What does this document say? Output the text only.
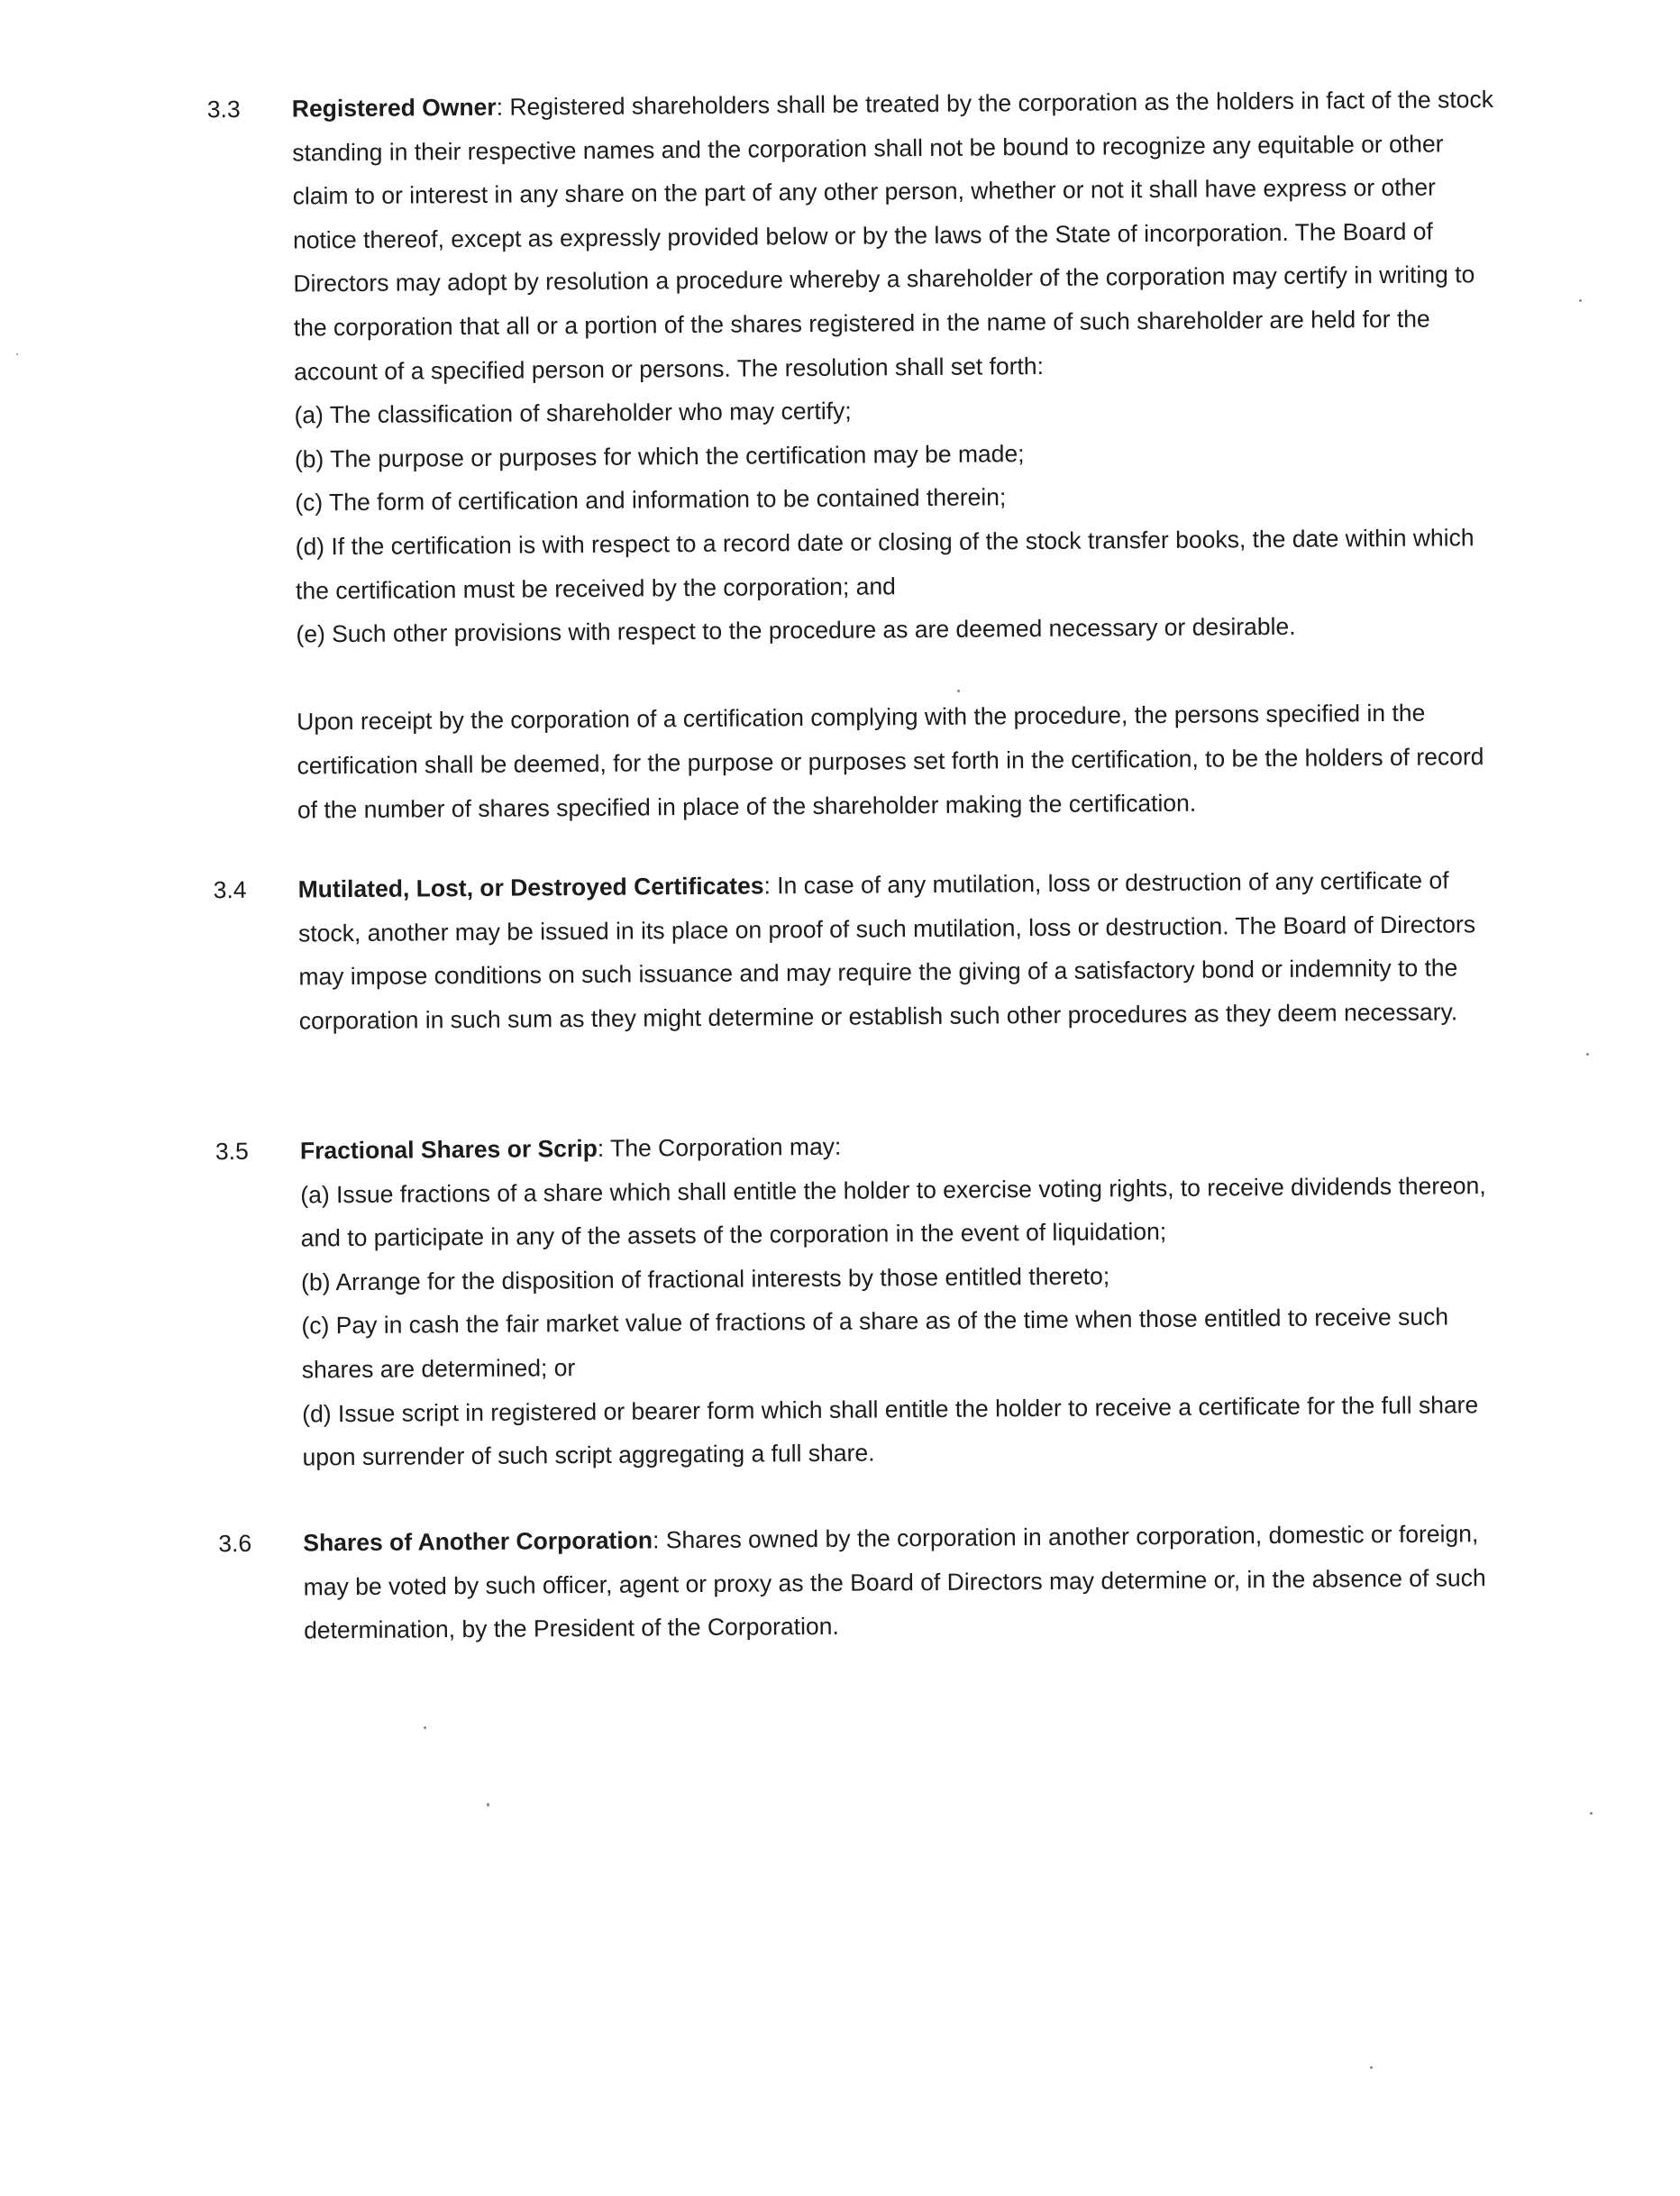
3.3 Registered Owner: Registered shareholders shall be treated by the corporation as the holders in fact of the stock standing in their respective names and the corporation shall not be bound to recognize any equitable or other claim to or interest in any share on the part of any other person, whether or not it shall have express or other notice thereof, except as expressly provided below or by the laws of the State of incorporation. The Board of Directors may adopt by resolution a procedure whereby a shareholder of the corporation may certify in writing to the corporation that all or a portion of the shares registered in the name of such shareholder are held for the account of a specified person or persons. The resolution shall set forth:

(a) The classification of shareholder who may certify;

(b) The purpose or purposes for which the certification may be made;

(c) The form of certification and information to be contained therein;

(d) If the certification is with respect to a record date or closing of the stock transfer books, the date within which the certification must be received by the corporation; and

(e) Such other provisions with respect to the procedure as are deemed necessary or desirable.

Upon receipt by the corporation of a certification complying with the procedure, the persons specified in the certification shall be deemed, for the purpose or purposes set forth in the certification, to be the holders of record of the number of shares specified in place of the shareholder making the certification.

3.4 Mutilated, Lost, or Destroyed Certificates: In case of any mutilation, loss or destruction of any certificate of stock, another may be issued in its place on proof of such mutilation, loss or destruction. The Board of Directors may impose conditions on such issuance and may require the giving of a satisfactory bond or indemnity to the corporation in such sum as they might determine or establish such other procedures as they deem necessary.

3.5 Fractional Shares or Scrip: The Corporation may:

(a) Issue fractions of a share which shall entitle the holder to exercise voting rights, to receive dividends thereon, and to participate in any of the assets of the corporation in the event of liquidation;

(b) Arrange for the disposition of fractional interests by those entitled thereto;

(c) Pay in cash the fair market value of fractions of a share as of the time when those entitled to receive such shares are determined; or

(d) Issue script in registered or bearer form which shall entitle the holder to receive a certificate for the full share upon surrender of such script aggregating a full share.

3.6 Shares of Another Corporation: Shares owned by the corporation in another corporation, domestic or foreign, may be voted by such officer, agent or proxy as the Board of Directors may determine or, in the absence of such determination, by the President of the Corporation.
